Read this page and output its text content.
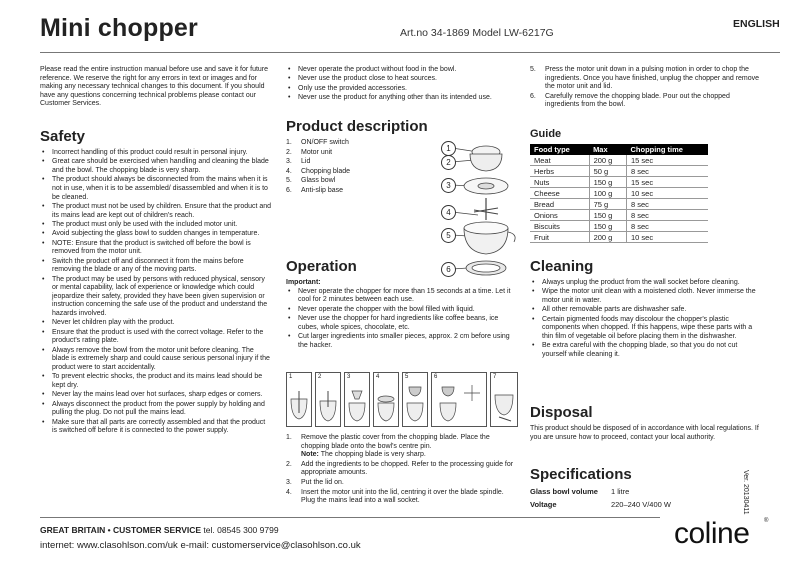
Mini chopper	Art.no 34-1869 Model LW-6217G
ENGLISH
Please read the entire instruction manual before use and save it for future reference. We reserve the right for any errors in text or images and for making any necessary technical changes to this document. If you should have any questions concerning technical problems please contact our Customer Services.
Safety
• Incorrect handling of this product could result in personal injury.
• Great care should be exercised when handling and cleaning the blade and the bowl. The chopping blade is very sharp.
• The product should always be disconnected from the mains when it is not in use, when it is to be assembled/ disassembled and when it is to be cleaned.
• The product must not be used by children. Ensure that the product and its mains lead are kept out of children's reach.
• The product must only be used with the included motor unit.
• Avoid subjecting the glass bowl to sudden changes in temperature.
• NOTE: Ensure that the product is switched off before the bowl is removed from the motor unit.
• Switch the product off and disconnect it from the mains before removing the blade or any of the moving parts.
• The product may be used by persons with reduced physical, sensory or mental capability, lack of experience or knowledge which could jeopardize their safety, provided they have been given supervision or instruction concerning the safe use of the product and understand the hazards involved.
• Never let children play with the product.
• Ensure that the product is used with the correct voltage. Refer to the product's rating plate.
• Always remove the bowl from the motor unit before cleaning. The blade is extremely sharp and could cause serious personal injury if the product were to start accidentally.
• To prevent electric shocks, the product and its mains lead should be kept dry.
• Never lay the mains lead over hot surfaces, sharp edges or corners.
• Always disconnect the product from the power supply by holding and pulling the plug. Do not pull the mains lead.
• Make sure that all parts are correctly assembled and that the product is switched off before it is connected to the power supply.
• Never operate the product without food in the bowl.
• Never use the product close to heat sources.
• Only use the provided accessories.
• Never use the product for anything other than its intended use.
Product description
1. ON/OFF switch
2. Motor unit
3. Lid
4. Chopping blade
5. Glass bowl
6. Anti-slip base
1
2
3
4
5
6
Operation
Important:
• Never operate the chopper for more than 15 seconds at a time. Let it cool for 2 minutes between each use.
• Never operate the chopper with the bowl filled with liquid.
• Never use the chopper for hard ingredients like coffee beans, ice cubes, whole spices, chocolate, etc.
• Cut larger ingredients into smaller pieces, approx. 2 cm before using the hacker.
1	2	3	4	5	6	7
1. Remove the plastic cover from the chopping blade. Place the chopping blade onto the bowl's centre pin.
Note: The chopping blade is very sharp.
2. Add the ingredients to be chopped. Refer to the processing guide for appropriate amounts.
3. Put the lid on.
4. Insert the motor unit into the lid, centring it over the blade spindle. Plug the mains lead into a wall socket.
5. Press the motor unit down in a pulsing motion in order to chop the ingredients. Once you have finished, unplug the chopper and remove the motor unit and lid.
6. Carefully remove the chopping blade. Pour out the chopped ingredients from the bowl.
Guide
Food type	Max	Chopping time
Meat	200 g	15 sec
Herbs	50 g	8 sec
Nuts	150 g	15 sec
Cheese	100 g	10 sec
Bread	75 g	8 sec
Onions	150 g	8 sec
Biscuits	150 g	8 sec
Fruit	200 g	10 sec
Cleaning
• Always unplug the product from the wall socket before cleaning.
• Wipe the motor unit clean with a moistened cloth. Never immerse the motor unit in water.
• All other removable parts are dishwasher safe.
• Certain pigmented foods may discolour the chopper's plastic components when chopped. If this happens, wipe these parts with a thin film of vegetable oil before placing them in the dishwasher.
• Be extra careful with the chopping blade, so that you do not cut yourself while cleaning it.
Disposal
This product should be disposed of in accordance with local regulations. If you are unsure how to proceed, contact your local authority.
Specifications
Glass bowl volume	1 litre
Voltage	220–240 V/400 W	Ver. 20130411
GREAT BRITAIN • CUSTOMER SERVICE tel. 08545 300 9799
internet: www.clasohlson.com/uk e-mail: customerservice@clasohlson.co.uk	coline ®
